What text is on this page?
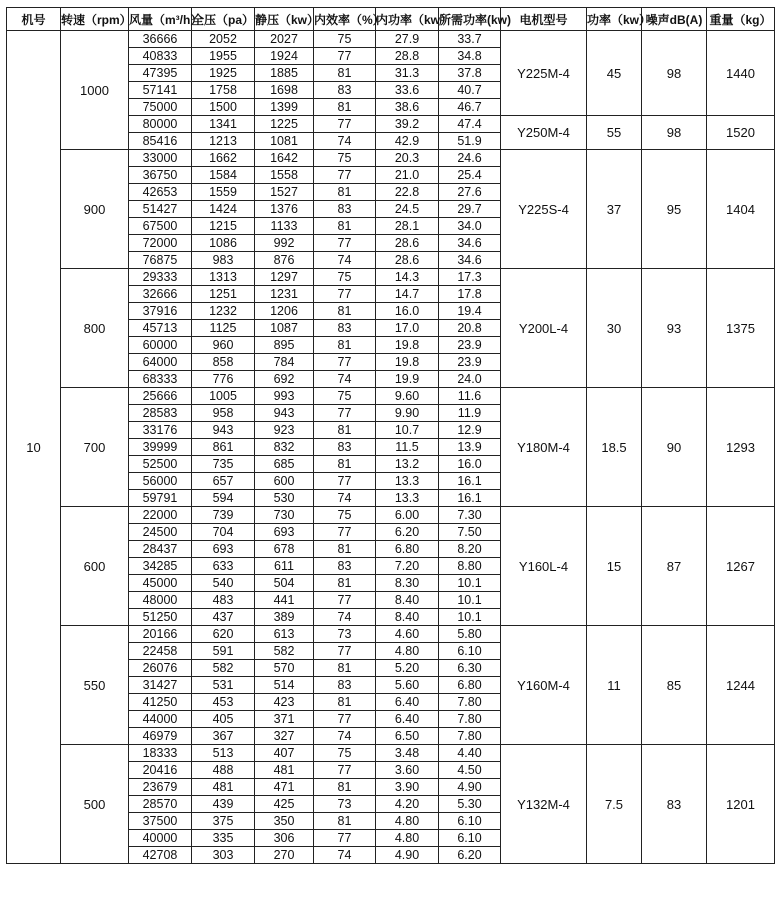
机号	转速（rpm）	风量（m³/h）	全压（pa）	静压（kw）	内效率（%）	内功率（kw）	所需功率(kw)	电机型号	功率（kw）	噪声dB(A)	重量（kg）
10	1000	36666	2052	2027	75	27.9	33.7	Y225M-4	45	98	1440
		40833	1955	1924	77	28.8	34.8				
		47395	1925	1885	81	31.3	37.8				
		57141	1758	1698	83	33.6	40.7				
		75000	1500	1399	81	38.6	46.7				
		80000	1341	1225	77	39.2	47.4	Y250M-4	55	98	1520
		85416	1213	1081	74	42.9	51.9				
	900	33000	1662	1642	75	20.3	24.6	Y225S-4	37	95	1404
		36750	1584	1558	77	21.0	25.4				
		42653	1559	1527	81	22.8	27.6				
		51427	1424	1376	83	24.5	29.7				
		67500	1215	1133	81	28.1	34.0				
		72000	1086	992	77	28.6	34.6				
		76875	983	876	74	28.6	34.6				
	800	29333	1313	1297	75	14.3	17.3	Y200L-4	30	93	1375
		32666	1251	1231	77	14.7	17.8				
		37916	1232	1206	81	16.0	19.4				
		45713	1125	1087	83	17.0	20.8				
		60000	960	895	81	19.8	23.9				
		64000	858	784	77	19.8	23.9				
		68333	776	692	74	19.9	24.0				
	700	25666	1005	993	75	9.60	11.6	Y180M-4	18.5	90	1293
		28583	958	943	77	9.90	11.9				
		33176	943	923	81	10.7	12.9				
		39999	861	832	83	11.5	13.9				
		52500	735	685	81	13.2	16.0				
		56000	657	600	77	13.3	16.1				
		59791	594	530	74	13.3	16.1				
	600	22000	739	730	75	6.00	7.30	Y160L-4	15	87	1267
		24500	704	693	77	6.20	7.50				
		28437	693	678	81	6.80	8.20				
		34285	633	611	83	7.20	8.80				
		45000	540	504	81	8.30	10.1				
		48000	483	441	77	8.40	10.1				
		51250	437	389	74	8.40	10.1				
	550	20166	620	613	73	4.60	5.80	Y160M-4	11	85	1244
		22458	591	582	77	4.80	6.10				
		26076	582	570	81	5.20	6.30				
		31427	531	514	83	5.60	6.80				
		41250	453	423	81	6.40	7.80				
		44000	405	371	77	6.40	7.80				
		46979	367	327	74	6.50	7.80				
	500	18333	513	407	75	3.48	4.40	Y132M-4	7.5	83	1201
		20416	488	481	77	3.60	4.50				
		23679	481	471	81	3.90	4.90				
		28570	439	425	73	4.20	5.30				
		37500	375	350	81	4.80	6.10				
		40000	335	306	77	4.80	6.10				
		42708	303	270	74	4.90	6.20				
